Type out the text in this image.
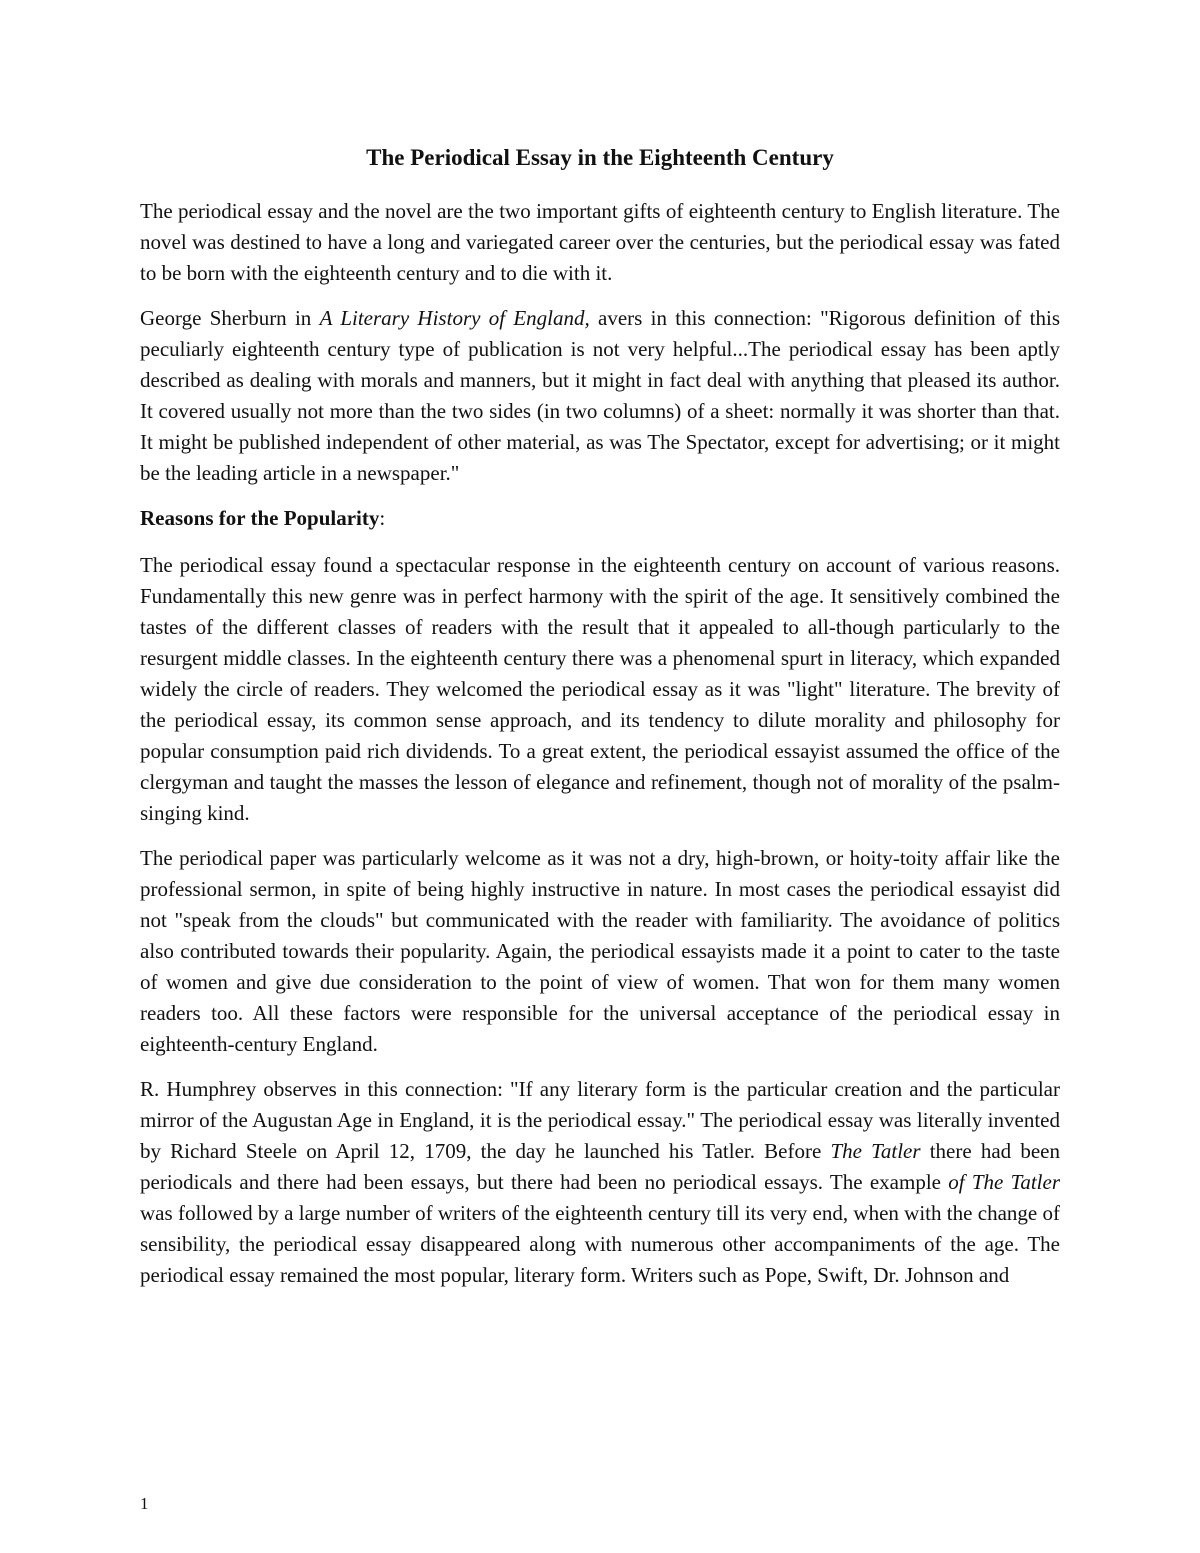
The Periodical Essay in the Eighteenth Century

The periodical essay and the novel are the two important gifts of eighteenth century to English literature. The novel was destined to have a long and variegated career over the centuries, but the periodical essay was fated to be born with the eighteenth century and to die with it.

George Sherburn in A Literary History of England, avers in this connection: "Rigorous definition of this peculiarly eighteenth century type of publication is not very helpful...The periodical essay has been aptly described as dealing with morals and manners, but it might in fact deal with anything that pleased its author. It covered usually not more than the two sides (in two columns) of a sheet: normally it was shorter than that. It might be published independent of other material, as was The Spectator, except for advertising; or it might be the leading article in a newspaper."

Reasons for the Popularity:

The periodical essay found a spectacular response in the eighteenth century on account of various reasons. Fundamentally this new genre was in perfect harmony with the spirit of the age. It sensitively combined the tastes of the different classes of readers with the result that it appealed to all-though particularly to the resurgent middle classes. In the eighteenth century there was a phenomenal spurt in literacy, which expanded widely the circle of readers. They welcomed the periodical essay as it was "light" literature. The brevity of the periodical essay, its common sense approach, and its tendency to dilute morality and philosophy for popular consumption paid rich dividends. To a great extent, the periodical essayist assumed the office of the clergyman and taught the masses the lesson of elegance and refinement, though not of morality of the psalm-singing kind.

The periodical paper was particularly welcome as it was not a dry, high-brown, or hoity-toity affair like the professional sermon, in spite of being highly instructive in nature. In most cases the periodical essayist did not "speak from the clouds" but communicated with the reader with familiarity. The avoidance of politics also contributed towards their popularity. Again, the periodical essayists made it a point to cater to the taste of women and give due consideration to the point of view of women. That won for them many women readers too. All these factors were responsible for the universal acceptance of the periodical essay in eighteenth-century England.

R. Humphrey observes in this connection: "If any literary form is the particular creation and the particular mirror of the Augustan Age in England, it is the periodical essay." The periodical essay was literally invented by Richard Steele on April 12, 1709, the day he launched his Tatler. Before The Tatler there had been periodicals and there had been essays, but there had been no periodical essays. The example of The Tatler was followed by a large number of writers of the eighteenth century till its very end, when with the change of sensibility, the periodical essay disappeared along with numerous other accompaniments of the age. The periodical essay remained the most popular, literary form. Writers such as Pope, Swift, Dr. Johnson and

1
